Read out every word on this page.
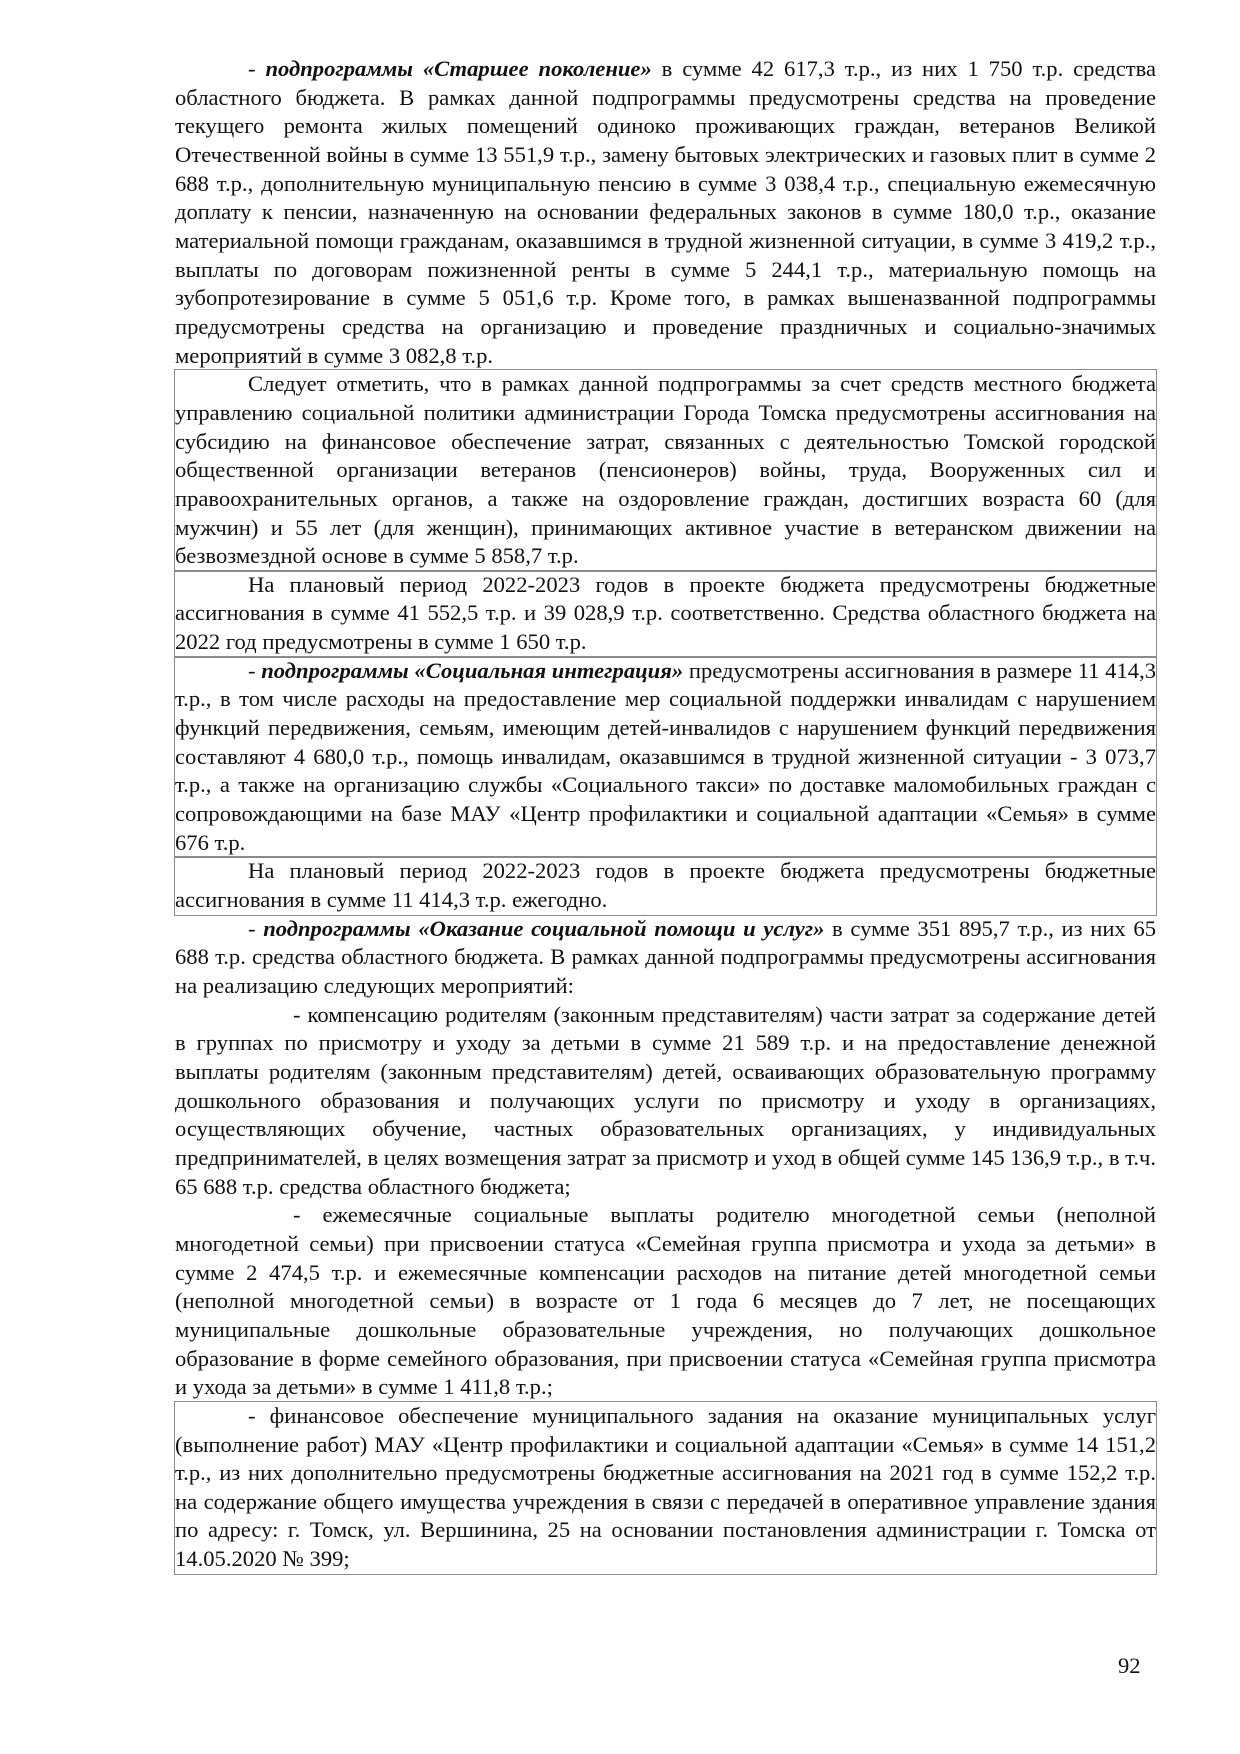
- подпрограммы «Старшее поколение» в сумме 42 617,3 т.р., из них 1 750 т.р. средства областного бюджета. В рамках данной подпрограммы предусмотрены средства на проведение текущего ремонта жилых помещений одиноко проживающих граждан, ветеранов Великой Отечественной войны в сумме 13 551,9 т.р., замену бытовых электрических и газовых плит в сумме 2 688 т.р., дополнительную муниципальную пенсию в сумме 3 038,4 т.р., специальную ежемесячную доплату к пенсии, назначенную на основании федеральных законов в сумме 180,0 т.р., оказание материальной помощи гражданам, оказавшимся в трудной жизненной ситуации, в сумме 3 419,2 т.р., выплаты по договорам пожизненной ренты в сумме 5 244,1 т.р., материальную помощь на зубопротезирование в сумме 5 051,6 т.р. Кроме того, в рамках вышеназванной подпрограммы предусмотрены средства на организацию и проведение праздничных и социально-значимых мероприятий в сумме 3 082,8 т.р.

Следует отметить, что в рамках данной подпрограммы за счет средств местного бюджета управлению социальной политики администрации Города Томска предусмотрены ассигнования на субсидию на финансовое обеспечение затрат, связанных с деятельностью Томской городской общественной организации ветеранов (пенсионеров) войны, труда, Вооруженных сил и правоохранительных органов, а также на оздоровление граждан, достигших возраста 60 (для мужчин) и 55 лет (для женщин), принимающих активное участие в ветеранском движении на безвозмездной основе в сумме 5 858,7 т.р.

На плановый период 2022-2023 годов в проекте бюджета предусмотрены бюджетные ассигнования в сумме 41 552,5 т.р. и 39 028,9 т.р. соответственно. Средства областного бюджета на 2022 год предусмотрены в сумме 1 650 т.р.

- подпрограммы «Социальная интеграция» предусмотрены ассигнования в размере 11 414,3 т.р., в том числе расходы на предоставление мер социальной поддержки инвалидам с нарушением функций передвижения, семьям, имеющим детей-инвалидов с нарушением функций передвижения составляют 4 680,0 т.р., помощь инвалидам, оказавшимся в трудной жизненной ситуации - 3 073,7 т.р., а также на организацию службы «Социального такси» по доставке маломобильных граждан с сопровождающими на базе МАУ «Центр профилактики и социальной адаптации «Семья» в сумме 676 т.р.

На плановый период 2022-2023 годов в проекте бюджета предусмотрены бюджетные ассигнования в сумме 11 414,3 т.р. ежегодно.

- подпрограммы «Оказание социальной помощи и услуг» в сумме 351 895,7 т.р., из них 65 688 т.р. средства областного бюджета. В рамках данной подпрограммы предусмотрены ассигнования на реализацию следующих мероприятий:

- компенсацию родителям (законным представителям) части затрат за содержание детей в группах по присмотру и уходу за детьми в сумме 21 589 т.р. и на предоставление денежной выплаты родителям (законным представителям) детей, осваивающих образовательную программу дошкольного образования и получающих услуги по присмотру и уходу в организациях, осуществляющих обучение, частных образовательных организациях, у индивидуальных предпринимателей, в целях возмещения затрат за присмотр и уход в общей сумме 145 136,9 т.р., в т.ч. 65 688 т.р. средства областного бюджета;

- ежемесячные социальные выплаты родителю многодетной семьи (неполной многодетной семьи) при присвоении статуса «Семейная группа присмотра и ухода за детьми» в сумме 2 474,5 т.р. и ежемесячные компенсации расходов на питание детей многодетной семьи (неполной многодетной семьи) в возрасте от 1 года 6 месяцев до 7 лет, не посещающих муниципальные дошкольные образовательные учреждения, но получающих дошкольное образование в форме семейного образования, при присвоении статуса «Семейная группа присмотра и ухода за детьми» в сумме 1 411,8 т.р.;

- финансовое обеспечение муниципального задания на оказание муниципальных услуг (выполнение работ) МАУ «Центр профилактики и социальной адаптации «Семья» в сумме 14 151,2 т.р., из них дополнительно предусмотрены бюджетные ассигнования на 2021 год в сумме 152,2 т.р. на содержание общего имущества учреждения в связи с передачей в оперативное управление здания по адресу: г. Томск, ул. Вершинина, 25 на основании постановления администрации г. Томска от 14.05.2020 № 399;

92
